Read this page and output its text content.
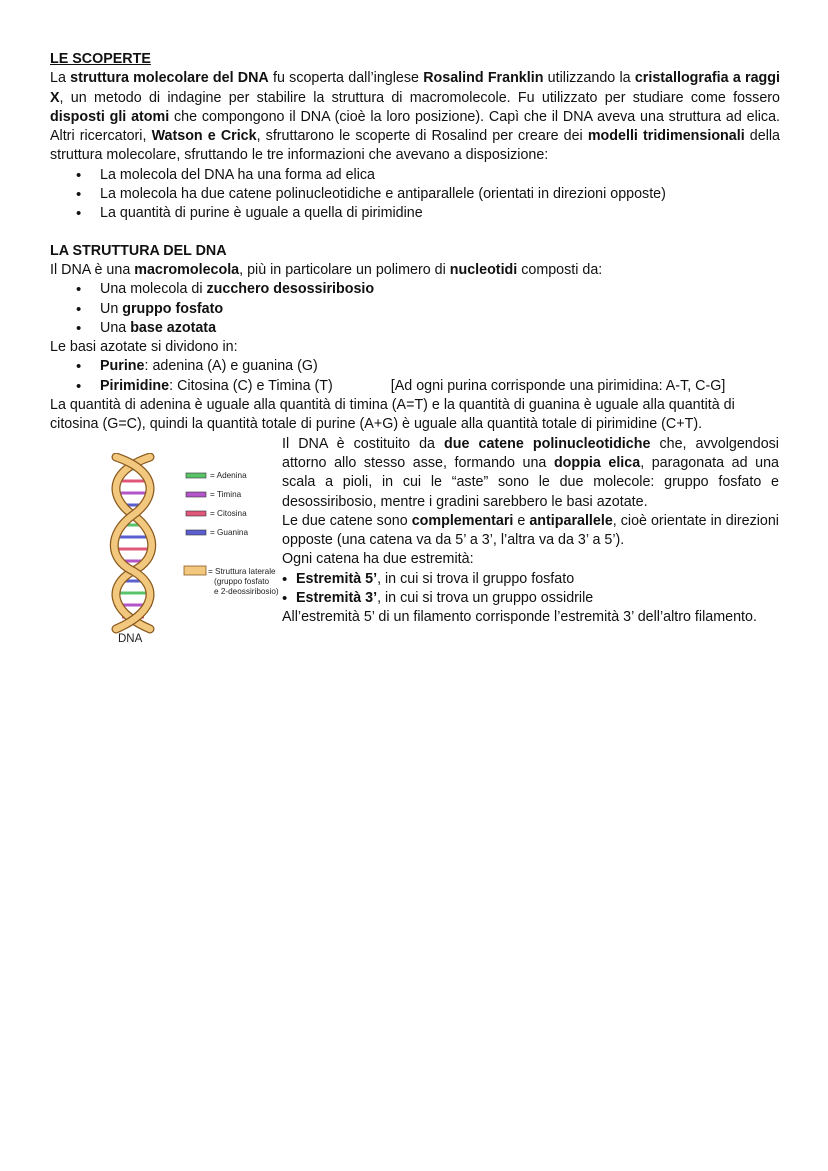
LE SCOPERTE

La struttura molecolare del DNA fu scoperta dall’inglese Rosalind Franklin utilizzando la cristallografia a raggi X, un metodo di indagine per stabilire la struttura di macromolecole. Fu utilizzato per studiare come fossero disposti gli atomi che compongono il DNA (cioè la loro posizione). Capì che il DNA aveva una struttura ad elica. Altri ricercatori, Watson e Crick, sfruttarono le scoperte di Rosalind per creare dei modelli tridimensionali della struttura molecolare, sfruttando le tre informazioni che avevano a disposizione:

• La molecola del DNA ha una forma ad elica
• La molecola ha due catene polinucleotidiche e antiparallele (orientati in direzioni opposte)
• La quantità di purine è uguale a quella di pirimidine

LA STRUTTURA DEL DNA

Il DNA è una macromolecola, più in particolare un polimero di nucleotidi composti da:

• Una molecola di zucchero desossiribosio
• Un gruppo fosfato
• Una base azotata

Le basi azotate si dividono in:

• Purine: adenina (A) e guanina (G)
• Pirimidine: Citosina (C) e Timina (T)	[Ad ogni purina corrisponde una pirimidina: A-T, C-G]

La quantità di adenina è uguale alla quantità di timina (A=T) e la quantità di guanina è uguale alla quantità di citosina (G=C), quindi la quantità totale di purine (A+G) è uguale alla quantità totale di pirimidine (C+T).

= Adenina
= Timina
= Citosina
= Guanina
= Struttura laterale
(gruppo fosfato
e 2-deossiribosio)
DNA

Il DNA è costituito da due catene polinucleotidiche che, avvolgendosi attorno allo stesso asse, formando una doppia elica, paragonata ad una scala a pioli, in cui le “aste” sono le due molecole: gruppo fosfato e desossiribosio, mentre i gradini sarebbero le basi azotate.

Le due catene sono complementari e antiparallele, cioè orientate in direzioni opposte (una catena va da 5’ a 3’, l’altra va da 3’ a 5’).

Ogni catena ha due estremità:

• Estremità 5’, in cui si trova il gruppo fosfato
• Estremità 3’, in cui si trova un gruppo ossidrile

All’estremità 5’ di un filamento corrisponde l’estremità 3’ dell’altro filamento.
